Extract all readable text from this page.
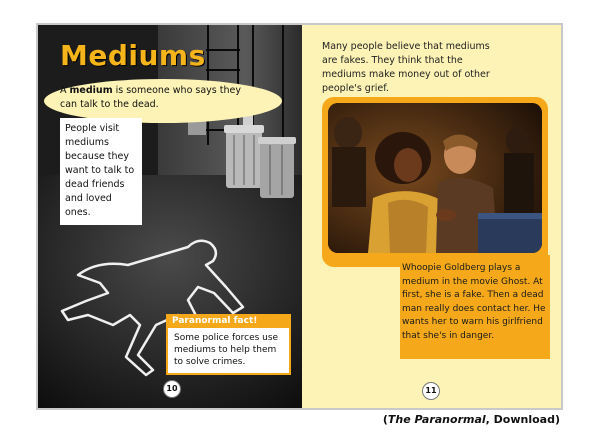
Mediums
A medium is someone who says they can talk to the dead.
People visit mediums because they want to talk to dead friends and loved ones.
Paranormal fact!
Some police forces use mediums to help them to solve crimes.
10
Many people believe that mediums are fakes. They think that the mediums make money out of other people's grief.
Whoopie Goldberg plays a medium in the movie Ghost. At first, she is a fake. Then a dead man really does contact her. He wants her to warn his girlfriend that she's in danger.
11
(The Paranormal, Download)
